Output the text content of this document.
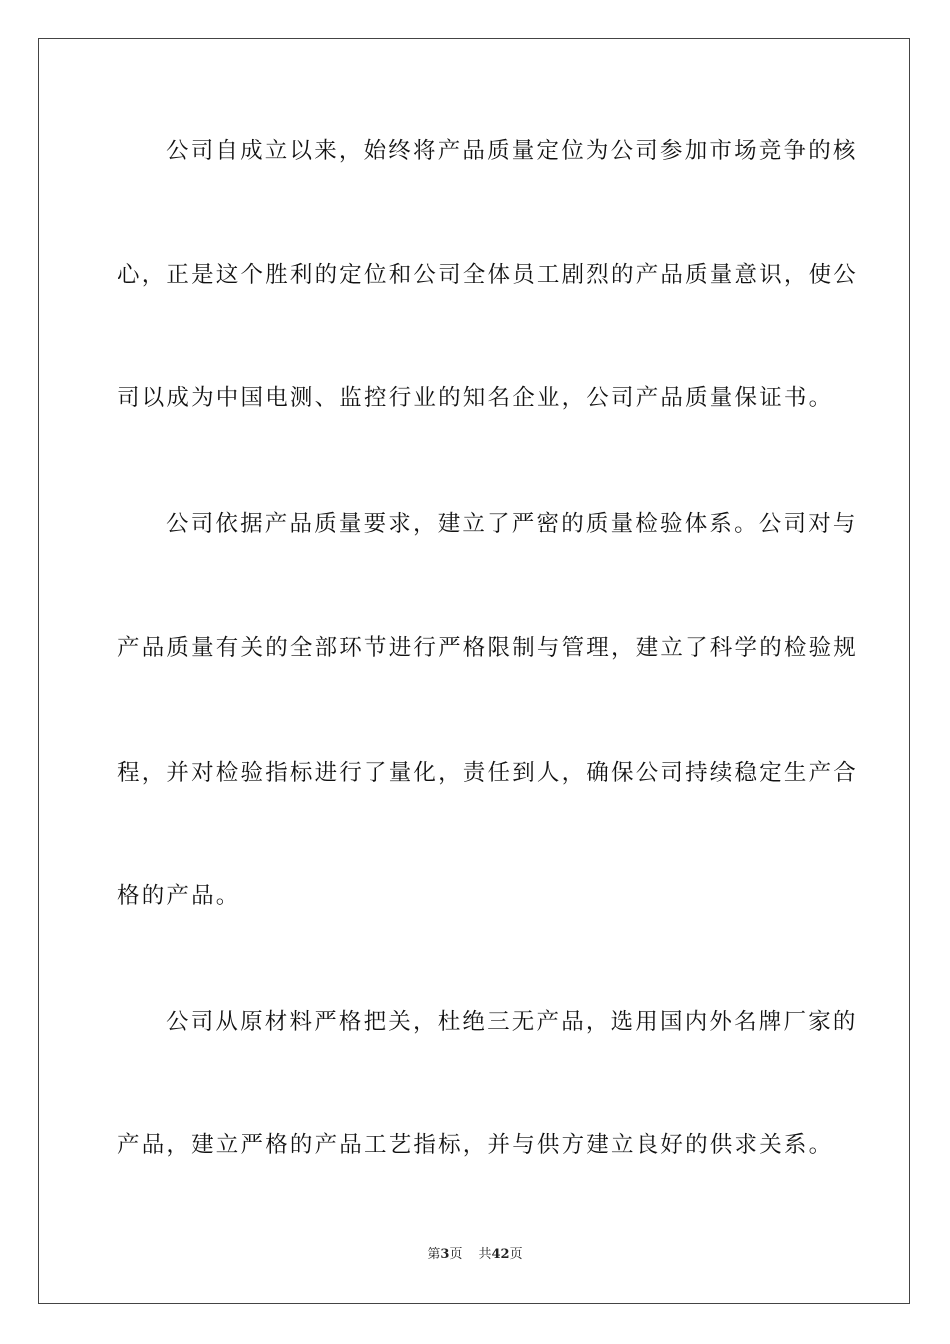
公司自成立以来，始终将产品质量定位为公司参加市场竞争的核
心，正是这个胜利的定位和公司全体员工剧烈的产品质量意识，使公
司以成为中国电测、监控行业的知名企业，公司产品质量保证书。
公司依据产品质量要求，建立了严密的质量检验体系。公司对与
产品质量有关的全部环节进行严格限制与管理，建立了科学的检验规
程，并对检验指标进行了量化，责任到人，确保公司持续稳定生产合
格的产品。
公司从原材料严格把关，杜绝三无产品，选用国内外名牌厂家的
产品，建立严格的产品工艺指标，并与供方建立良好的供求关系。
第3页 共42页
